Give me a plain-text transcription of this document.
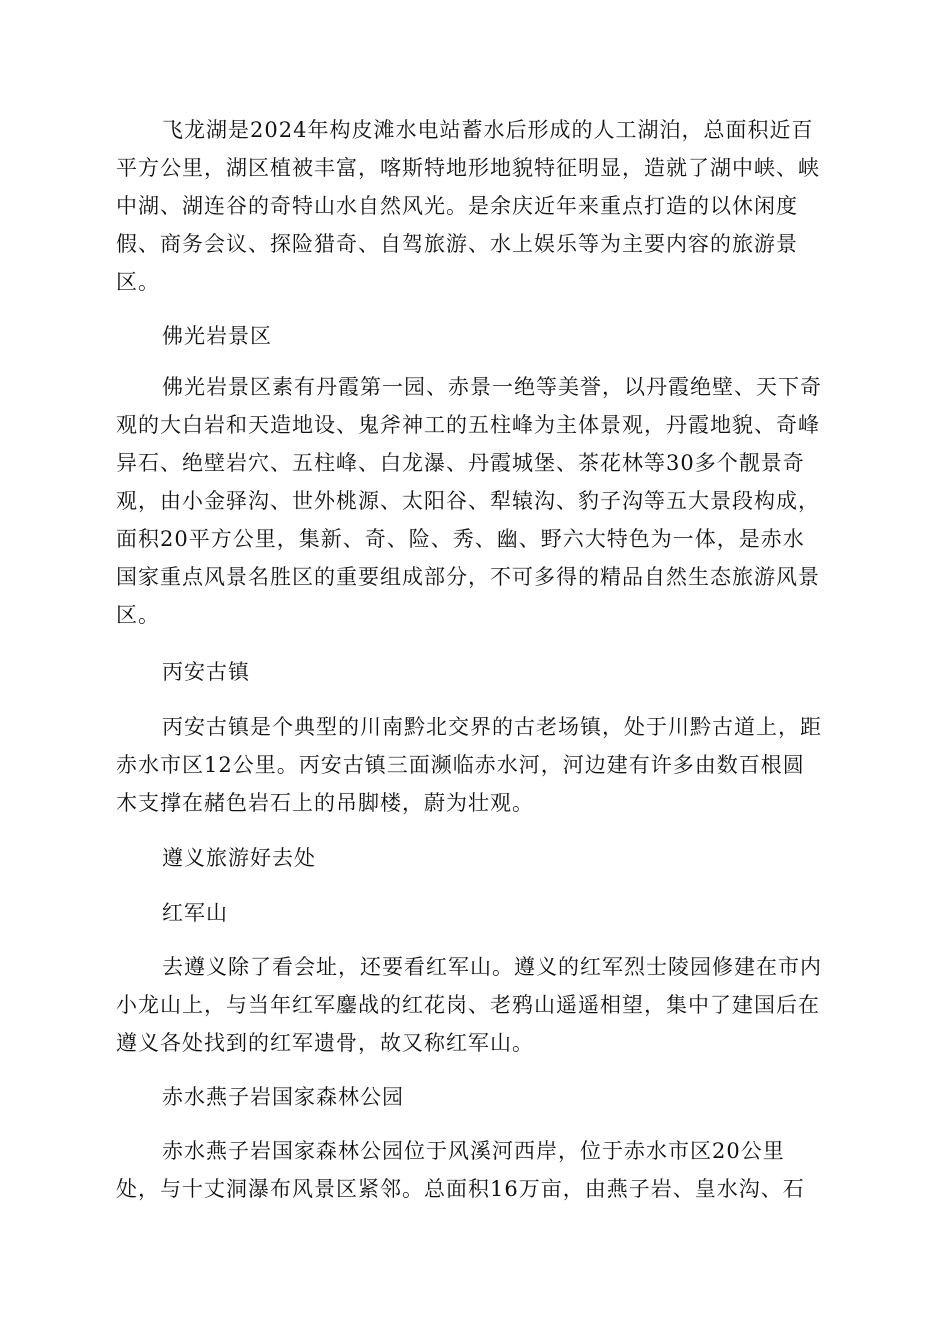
飞龙湖是2024年构皮滩水电站蓄水后形成的人工湖泊，总面积近百
平方公里，湖区植被丰富，喀斯特地形地貌特征明显，造就了湖中峡、峡
中湖、湖连谷的奇特山水自然风光。是余庆近年来重点打造的以休闲度
假、商务会议、探险猎奇、自驾旅游、水上娱乐等为主要内容的旅游景
区。
佛光岩景区
佛光岩景区素有丹霞第一园、赤景一绝等美誉，以丹霞绝壁、天下奇
观的大白岩和天造地设、鬼斧神工的五柱峰为主体景观，丹霞地貌、奇峰
异石、绝壁岩穴、五柱峰、白龙瀑、丹霞城堡、茶花林等30多个靓景奇
观，由小金驿沟、世外桃源、太阳谷、犁辕沟、豹子沟等五大景段构成，
面积20平方公里，集新、奇、险、秀、幽、野六大特色为一体，是赤水
国家重点风景名胜区的重要组成部分，不可多得的精品自然生态旅游风景
区。
丙安古镇
丙安古镇是个典型的川南黔北交界的古老场镇，处于川黔古道上，距
赤水市区12公里。丙安古镇三面濒临赤水河，河边建有许多由数百根圆
木支撑在赭色岩石上的吊脚楼，蔚为壮观。
遵义旅游好去处
红军山
去遵义除了看会址，还要看红军山。遵义的红军烈士陵园修建在市内
小龙山上，与当年红军鏖战的红花岗、老鸦山遥遥相望，集中了建国后在
遵义各处找到的红军遗骨，故又称红军山。
赤水燕子岩国家森林公园
赤水燕子岩国家森林公园位于风溪河西岸，位于赤水市区20公里
处，与十丈洞瀑布风景区紧邻。总面积16万亩，由燕子岩、皇水沟、石
